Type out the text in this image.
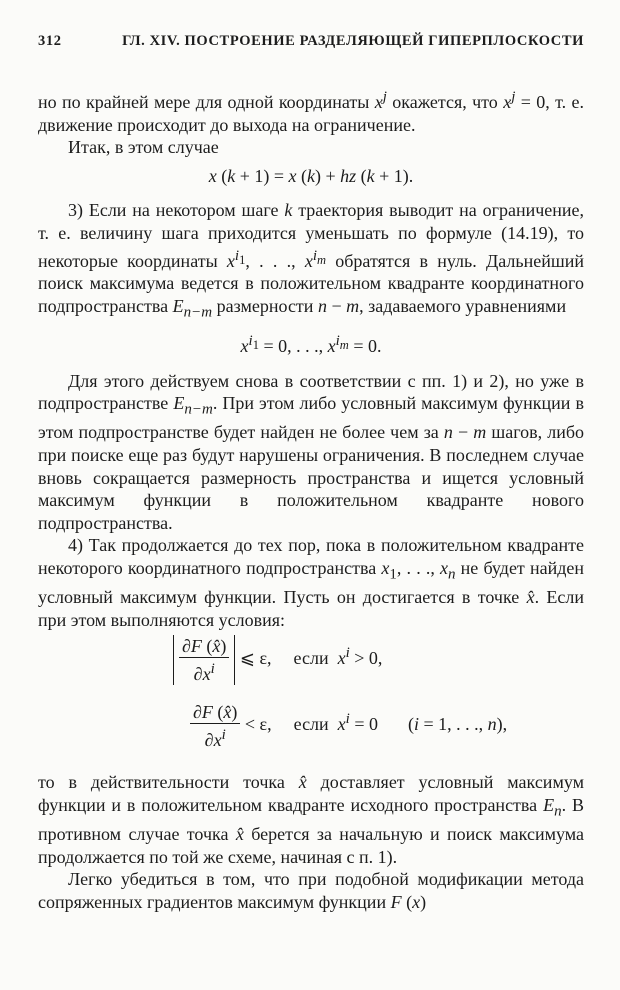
312	ГЛ. XIV. ПОСТРОЕНИЕ РАЗДЕЛЯЮЩЕЙ ГИПЕРПЛОСКОСТИ

но по крайней мере для одной координаты $x^j$ окажется, что $x^j = 0$, т. е. движение происходит до выхода на ограничение.

Итак, в этом случае

x (k + 1) = x (k) + hz (k + 1).

3) Если на некотором шаге k траектория выводит на ограничение, т. е. величину шага приходится уменьшать по формуле (14.19), то некоторые координаты $x^{i_1}$, . . ., $x^{i_m}$ обратятся в нуль. Дальнейший поиск максимума ведется в положительном квадранте координатного подпространства $E_{n-m}$ размерности n − m, задаваемого уравнениями

$x^{i_1} = 0$, . . ., $x^{i_m} = 0$.

Для этого действуем снова в соответствии с пп. 1) и 2), но уже в подпространстве $E_{n-m}$. При этом либо условный максимум функции в этом подпространстве будет найден не более чем за n − m шагов, либо при поиске еще раз будут нарушены ограничения. В последнем случае вновь сокращается размерность пространства и ищется условный максимум функции в положительном квадранте нового подпространства.

4) Так продолжается до тех пор, пока в положительном квадранте некоторого координатного подпространства $x_1$, . . ., $x_n$ не будет найден условный максимум функции. Пусть он достигается в точке x̂. Если при этом выполняются условия:

$\frac{\partial F (x̂)}{\partial x^i}$ ⩽ ε, если  $x^i > 0$,
$\frac{\partial F (x̂)}{\partial x^i} < \varepsilon$, если  $x^i = 0$ (i = 1, . . ., n),

то в действительности точка x̂ доставляет условный максимум функции и в положительном квадранте исходного пространства $E_n$. В противном случае точка x̂ берется за начальную и поиск максимума продолжается по той же схеме, начиная с п. 1).

Легко убедиться в том, что при подобной модификации метода сопряженных градиентов максимум функции F (x)
